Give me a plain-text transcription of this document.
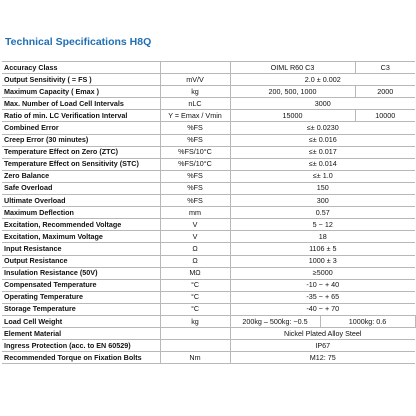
Technical Specifications H8Q
Accuracy Class		OIML R60 C3		C3	
Output Sensitivity ( = FS )	mV/V	2.0 ± 0.002			
Maximum Capacity ( Emax )	kg	200, 500, 1000		2000	
Max. Number of Load Cell Intervals	nLC	3000			
Ratio of min. LC Verification Interval	Y = Emax / Vmin	15000		10000	
Combined Error	%FS	≤± 0.0230			
Creep Error (30 minutes)	%FS	≤± 0.016			
Temperature Effect on Zero (ZTC)	%FS/10°C	≤± 0.017			
Temperature Effect on Sensitivity (STC)	%FS/10°C	≤± 0.014			
Zero Balance	%FS	≤± 1.0			
Safe Overload	%FS	150			
Ultimate Overload	%FS	300			
Maximum Deflection	mm	0.57			
Excitation, Recommended Voltage	V	5 ~ 12			
Excitation, Maximum Voltage	V	18			
Input Resistance	Ω	1106 ± 5			
Output Resistance	Ω	1000 ± 3			
Insulation Resistance (50V)	MΩ	≥5000			
Compensated Temperature	°C	-10 ~ + 40			
Operating Temperature	°C	-35 ~ + 65			
Storage Temperature	°C	-40 ~ + 70			
Load Cell Weight	kg	200kg – 500kg: ~0.5	1000kg: 0.6	
Element Material		Nickel Plated Alloy Steel			
Ingress Protection (acc. to EN 60529)		IP67			
Recommended Torque on Fixation Bolts	Nm	M12: 75			
